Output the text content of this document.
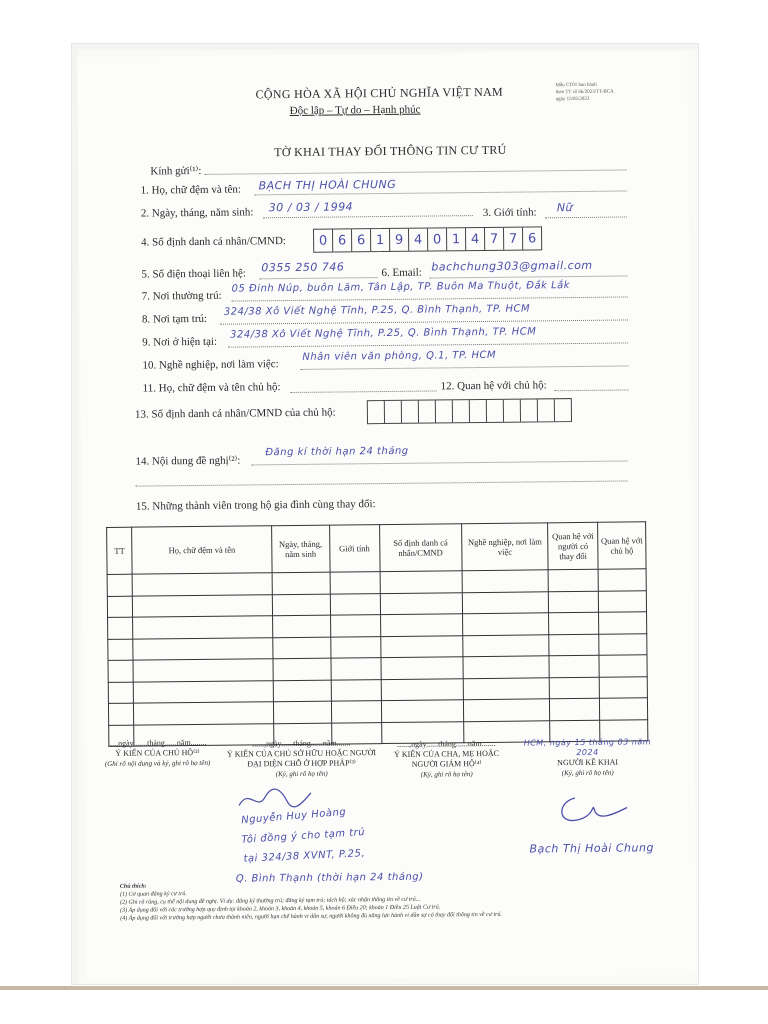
CỘNG HÒA XÃ HỘI CHỦ NGHĨA VIỆT NAM
Độc lập – Tự do – Hạnh phúc
Mẫu CT01 ban hành
theo TT số 66/2023/TT-BCA
ngày 15/05/2023
TỜ KHAI THAY ĐỔI THÔNG TIN CƯ TRÚ
Kính gửi⁽¹⁾:
1. Họ, chữ đệm và tên: BẠCH THỊ HOÀI CHUNG
2. Ngày, tháng, năm sinh: 30 / 03 / 1994	3. Giới tính: Nữ
4. Số định danh cá nhân/CMND:	0 6 6 1 9 4 0 1 4 7 7 6
5. Số điện thoại liên hệ: 0355 250 746	6. Email: bachchung303@gmail.com
7. Nơi thường trú:
05 Đinh Núp, buôn Lăm, Tân Lập, TP. Buôn Ma Thuột, Đắk Lắk
8. Nơi tạm trú:
324/38 Xô Viết Nghệ Tĩnh, P.25, Q. Bình Thạnh, TP. HCM
9. Nơi ở hiện tại:
324/38 Xô Viết Nghệ Tĩnh, P.25, Q. Bình Thạnh, TP. HCM
10. Nghề nghiệp, nơi làm việc:
Nhân viên văn phòng, Q.1, TP. HCM
11. Họ, chữ đệm và tên chủ hộ:	12. Quan hệ với chủ hộ:
13. Số định danh cá nhân/CMND của chủ hộ:
14. Nội dung đề nghị⁽²⁾:
Đăng kí thời hạn 24 tháng
15. Những thành viên trong hộ gia đình cùng thay đổi:
TT	Họ, chữ đệm và tên	Ngày, tháng, năm sinh	Giới tính	Số định danh cá nhân/CMND	Nghề nghiệp, nơi làm việc	Quan hệ với người có thay đổi	Quan hệ với chủ hộ

....,ngày.......tháng......năm........
Ý KIẾN CỦA CHỦ HỘ⁽³⁾
(Ghi rõ nội dung và ký, ghi rõ họ tên)
......,ngày......tháng......năm.......
Ý KIẾN CỦA CHỦ SỞ HỮU HOẶC NGƯỜI ĐẠI DIỆN CHỖ Ở HỢP PHÁP⁽³⁾
(Ký, ghi rõ họ tên)
Nguyễn Huy Hoàng
Tôi đồng ý cho tạm trú
tại 324/38 XVNT, P.25,
Q. Bình Thạnh (thời hạn 24 tháng)
......,ngày......tháng......năm.......
Ý KIẾN CỦA CHA, MẸ HOẶC NGƯỜI GIÁM HỘ⁽⁴⁾
(Ký, ghi rõ họ tên)
HCM, ngày 15 tháng 03 năm 2024
NGƯỜI KÊ KHAI
(Ký, ghi rõ họ tên)
Bạch Thị Hoài Chung
Chú thích:
(1) Cơ quan đăng ký cư trú.
(2) Ghi rõ ràng, cụ thể nội dung đề nghị. Ví dụ: đăng ký thường trú; đăng ký tạm trú; tách hộ; xác nhận thông tin về cư trú...
(3) Áp dụng đối với các trường hợp quy định tại khoản 2, khoản 3, khoản 4, khoản 5, khoản 6 Điều 20; khoản 1 Điều 25 Luật Cư trú.
(4) Áp dụng đối với trường hợp người chưa thành niên, người hạn chế hành vi dân sự, người không đủ năng lực hành vi dân sự có thay đổi thông tin về cư trú.
